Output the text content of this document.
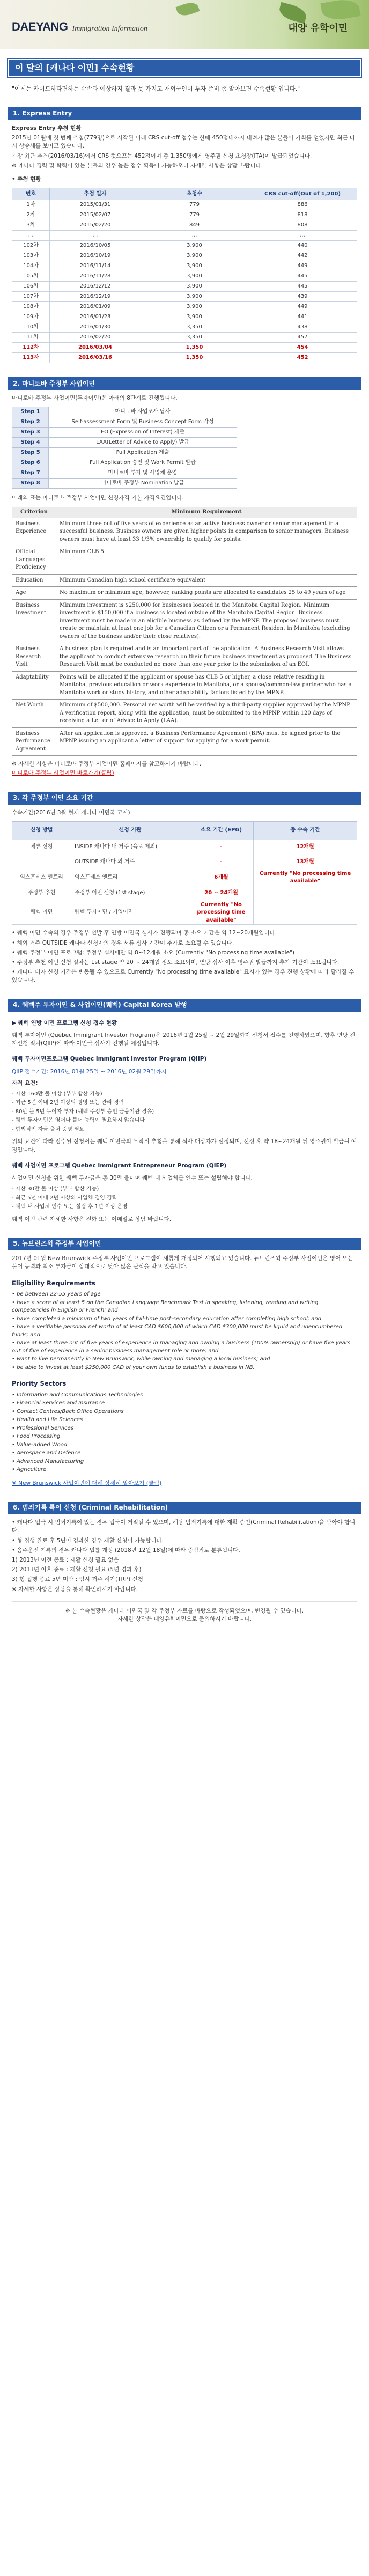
DAEYANG Immigration Information	대양 유학이민
이 달의 [캐나다 이민] 수속현황
"이제는 카이드하다면하는 수속과 예상하지 결과 못 가지고 재외국인이 투자 준비 좀 알아보면 수속현황 입니다."
1. Express Entry

Express Entry 추첨 현황

2015년 01월에 첫 번째 추첨(779명)으로 시작된 이래 CRS cut-off 점수는 한때 450점대까지 내려가 많은 분들이 기회를 얻었지만 최근 다시 상승세를 보이고 있습니다.

가장 최근 추첨(2016/03/16)에서 CRS 컷오프는 452점이며 총 1,350명에게 영주권 신청 초청장(ITA)이 발급되었습니다.

※ 캐나다 경력 및 학력이 있는 분들의 경우 높은 점수 획득이 가능하오니 자세한 사항은 상담 바랍니다.

• 추첨 현황
번호	추첨 일자	초청수	CRS cut-off(Out of 1,200)
1차	2015/01/31	779	886
2차	2015/02/07	779	818
3차	2015/02/20	849	808
…	…	…	…
102차	2016/10/05	3,900	440
103차	2016/10/19	3,900	442
104차	2016/11/14	3,900	449
105차	2016/11/28	3,900	445
106차	2016/12/12	3,900	445
107차	2016/12/19	3,900	439
108차	2016/01/09	3,900	449
109차	2016/01/23	3,900	441
110차	2016/01/30	3,350	438
111차	2016/02/20	3,350	457
112차	2016/03/04	1,350	454
113차	2016/03/16	1,350	452
2. 마니토바 주정부 사업이민
마니토바 주정부 사업이민(투자이민)은 아래의 8단계로 진행됩니다.
Step 1	마니토바 사업조사 답사
Step 2	Self-assessment Form 및 Business Concept Form 작성
Step 3	EOI(Expression of Interest) 제출
Step 4	LAA(Letter of Advice to Apply) 발급
Step 5	Full Application 제출
Step 6	Full Application 승인 및 Work Permit 발급
Step 7	마니토바 투자 및 사업체 운영
Step 8	마니토바 주정부 Nomination 발급
아래의 표는 마니토바 주정부 사업이민 신청자격 기본 자격요건입니다.
Criterion	Minimum Requirement
Business Experience	Minimum three out of five years of experience as an active business owner or senior management in a successful business. Business owners are given higher points in comparison to senior managers. Business owners must have at least 33 1/3% ownership to qualify for points.
Official Languages Proficiency	Minimum CLB 5
Education	Minimum Canadian high school certificate equivalent
Age	No maximum or minimum age; however, ranking points are allocated to candidates 25 to 49 years of age
Business Investment	Minimum investment is $250,000 for businesses located in the Manitoba Capital Region. Minimum investment is $150,000 if a business is located outside of the Manitoba Capital Region. Business investment must be made in an eligible business as defined by the MPNP. The proposed business must create or maintain at least one job for a Canadian Citizen or a Permanent Resident in Manitoba (excluding owners of the business and/or their close relatives).
Business Research Visit	A business plan is required and is an important part of the application. A Business Research Visit allows the applicant to conduct extensive research on their future business investment as proposed. The Business Research Visit must be conducted no more than one year prior to the submission of an EOI.
Adaptability	Points will be allocated if the applicant or spouse has CLB 5 or higher, a close relative residing in Manitoba, previous education or work experience in Manitoba, or a spouse/common-law partner who has a Manitoba work or study history, and other adaptability factors listed by the MPNP.
Net Worth	Minimum of $500,000. Personal net worth will be verified by a third-party supplier approved by the MPNP. A verification report, along with the application, must be submitted to the MPNP within 120 days of receiving a Letter of Advice to Apply (LAA).
Business Performance Agreement	After an application is approved, a Business Performance Agreement (BPA) must be signed prior to the MPNP issuing an applicant a letter of support for applying for a work permit.
※ 자세한 사항은 마니토바 주정부 사업이민 홈페이지를 참고하시기 바랍니다.
마니토바 주정부 사업이민 바로가기(클릭)
3. 각 주정부 이민 소요 기간
수속기간(2016년 3월 현재 캐나다 이민국 고시)
신청 방법	신청 기관	소요 기간 (EPG)	총 수속 기간
체류 신청	INSIDE 캐나다 내 거주 (육로 제외)	-	12개월
	OUTSIDE 캐나다 외 거주	-	13개월
익스프레스 엔트리	익스프레스 엔트리	6개월	Currently "No processing time available"
주정부 추천	주정부 이민 신청 (1st stage)	20 ~ 24개월	
퀘벡 이민	퀘벡 투자이민 / 기업이민	Currently "No processing time available"	

• 퀘벡 이민 수속의 경우 주정부 선발 후 연방 이민국 심사가 진행되며 총 소요 기간은 약 12~20개월입니다.

• 해외 거주 OUTSIDE 캐나다 신청자의 경우 서류 심사 기간이 추가로 소요될 수 있습니다.

• 퀘벡 주정부 이민 프로그램: 주정부 심사에만 약 8~12개월 소요 (Currently "No processing time available")

• 주정부 추천 이민 신청 절차는 1st stage 약 20 ~ 24개월 정도 소요되며, 연방 심사 이후 영주권 발급까지 추가 기간이 소요됩니다.

• 캐나다 비자 신청 기간은 변동될 수 있으므로 Currently "No processing time available" 표시가 있는 경우 진행 상황에 따라 달라질 수 있습니다.

4. 퀘벡주 투자이민 & 사업이민(퀘벡) Capital Korea 발행
▶ 퀘벡 연방 이민 프로그램 신청 접수 현황
퀘벡 투자이민 (Quebec Immigrant Investor Program)은 2016년 1월 25일 ~ 2월 29일까지 신청서 접수를 진행하였으며, 향후 연방 전자신청 절차(QIIP)에 따라 이민국 심사가 진행될 예정입니다.
퀘벡 투자이민프로그램 Quebec Immigrant Investor Program (QIIP)
QIIP 접수기간: 2016년 01월 25일 ~ 2016년 02월 29일까지
자격 요건:
- 자산 160만 불 이상 (부부 합산 가능)
- 최근 5년 이내 2년 이상의 경영 또는 관리 경력
- 80만 불 5년 무이자 투자 (퀘벡 주정부 승인 금융기관 경유)
- 퀘벡 투자이민은 영어나 불어 능력이 필요하지 않습니다
- 합법적인 자금 출처 증명 필요
위의 요건에 따라 접수된 신청서는 퀘벡 이민국의 무작위 추첨을 통해 심사 대상자가 선정되며, 선정 후 약 18~24개월 뒤 영주권이 발급될 예정입니다.
퀘벡 사업이민 프로그램 Quebec Immigrant Entrepreneur Program (QIEP)
사업이민 신청을 위한 퀘벡 투자금은 총 30만 불이며 퀘벡 내 사업체를 인수 또는 설립해야 합니다.
- 자산 30만 불 이상 (부부 합산 가능)
- 최근 5년 이내 2년 이상의 사업체 경영 경력
- 퀘벡 내 사업체 인수 또는 설립 후 1년 이상 운영
퀘벡 이민 관련 자세한 사항은 전화 또는 이메일로 상담 바랍니다.
5. 뉴브런즈윅 주정부 사업이민
2017년 01월 New Brunswick 주정부 사업이민 프로그램이 새롭게 개정되어 시행되고 있습니다. 뉴브런즈윅 주정부 사업이민은 영어 또는 불어 능력과 최소 투자금이 상대적으로 낮아 많은 관심을 받고 있습니다.
Eligibility Requirements
• be between 22-55 years of age
• have a score of at least 5 on the Canadian Language Benchmark Test in speaking, listening, reading and writing competencies in English or French; and
• have completed a minimum of two years of full-time post-secondary education after completing high school; and
• have a verifiable personal net worth of at least CAD $600,000 of which CAD $300,000 must be liquid and unencumbered funds; and
• have at least three out of five years of experience in managing and owning a business (100% ownership) or have five years out of five of experience in a senior business management role or more; and
• want to live permanently in New Brunswick, while owning and managing a local business; and
• be able to invest at least $250,000 CAD of your own funds to establish a business in NB.
Priority Sectors
• Information and Communications Technologies
• Financial Services and Insurance
• Contact Centres/Back Office Operations
• Health and Life Sciences
• Professional Services
• Food Processing
• Value-added Wood
• Aerospace and Defence
• Advanced Manufacturing
• Agriculture
※ New Brunswick 사업이민에 대해 상세히 알아보기 (클릭)
6. 범죄기록 특이 신청 (Criminal Rehabilitation)

• 캐나다 입국 시 범죄기록이 있는 경우 입국이 거절될 수 있으며, 해당 범죄기록에 대한 재활 승인(Criminal Rehabilitation)을 받아야 합니다.

• 형 집행 완료 후 5년이 경과한 경우 재활 신청이 가능합니다.

• 음주운전 기록의 경우 캐나다 법률 개정 (2018년 12월 18일)에 따라 중범죄로 분류됩니다.

1) 2013년 이전 종료 : 재활 신청 필요 없음

2) 2013년 이후 종료 : 재활 신청 필요 (5년 경과 후)

3) 형 집행 종료 5년 미만 : 임시 거주 허가(TRP) 신청

※ 자세한 사항은 상담을 통해 확인하시기 바랍니다.

※ 본 수속현황은 캐나다 이민국 및 각 주정부 자료를 바탕으로 작성되었으며, 변경될 수 있습니다.
자세한 상담은 대양유학이민으로 문의하시기 바랍니다.
